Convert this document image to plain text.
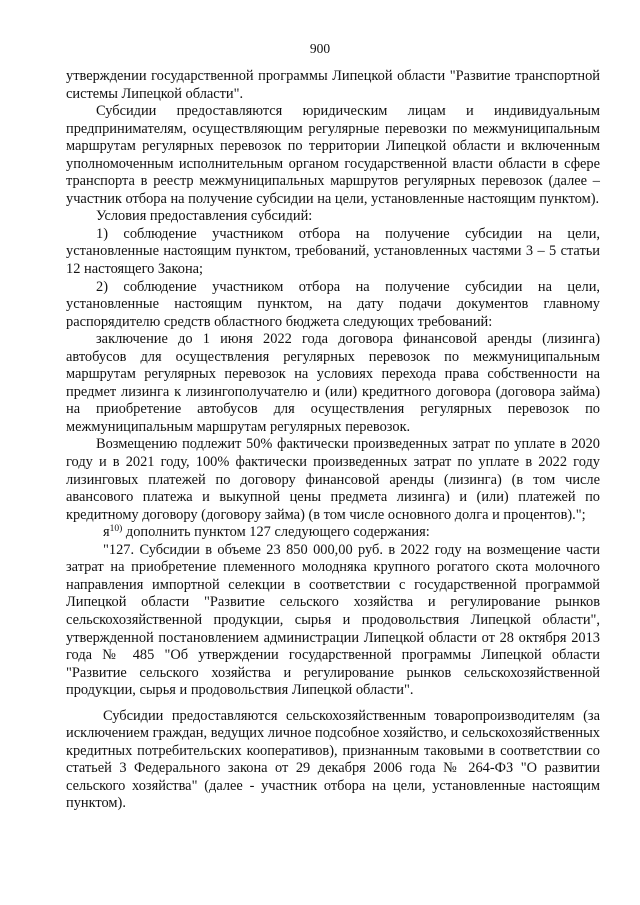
900

утверждении государственной программы Липецкой области "Развитие транспортной системы Липецкой области".

Субсидии предоставляются юридическим лицам и индивидуальным предпринимателям, осуществляющим регулярные перевозки по межмуниципальным маршрутам регулярных перевозок по территории Липецкой области и включенным уполномоченным исполнительным органом государственной власти области в сфере транспорта в реестр межмуниципальных маршрутов регулярных перевозок (далее – участник отбора на получение субсидии на цели, установленные настоящим пунктом).

Условия предоставления субсидий:

1) соблюдение участником отбора на получение субсидии на цели, установленные настоящим пунктом, требований, установленных частями 3 – 5 статьи 12 настоящего Закона;

2) соблюдение участником отбора на получение субсидии на цели, установленные настоящим пунктом, на дату подачи документов главному распорядителю средств областного бюджета следующих требований:

заключение до 1 июня 2022 года договора финансовой аренды (лизинга) автобусов для осуществления регулярных перевозок по межмуниципальным маршрутам регулярных перевозок на условиях перехода права собственности на предмет лизинга к лизингополучателю и (или) кредитного договора (договора займа) на приобретение автобусов для осуществления регулярных перевозок по межмуниципальным маршрутам регулярных перевозок.

Возмещению подлежит 50% фактически произведенных затрат по уплате в 2020 году и в 2021 году, 100% фактически произведенных затрат по уплате в 2022 году лизинговых платежей по договору финансовой аренды (лизинга) (в том числе авансового платежа и выкупной цены предмета лизинга) и (или) платежей по кредитному договору (договору займа) (в том числе основного долга и процентов).";

$я^{10)}$ дополнить пунктом 127 следующего содержания:

"127. Субсидии в объеме 23 850 000,00 руб. в 2022 году на возмещение части затрат на приобретение племенного молодняка крупного рогатого скота молочного направления импортной селекции в соответствии с государственной программой Липецкой области "Развитие сельского хозяйства и регулирование рынков сельскохозяйственной продукции, сырья и продовольствия Липецкой области", утвержденной постановлением администрации Липецкой области от 28 октября 2013 года № 485 "Об утверждении государственной программы Липецкой области "Развитие сельского хозяйства и регулирование рынков сельскохозяйственной продукции, сырья и продовольствия Липецкой области".

Субсидии предоставляются сельскохозяйственным товаропроизводителям (за исключением граждан, ведущих личное подсобное хозяйство, и сельскохозяйственных кредитных потребительских кооперативов), признанным таковыми в соответствии со статьей 3 Федерального закона от 29 декабря 2006 года № 264-ФЗ "О развитии сельского хозяйства" (далее - участник отбора на цели, установленные настоящим пунктом).
